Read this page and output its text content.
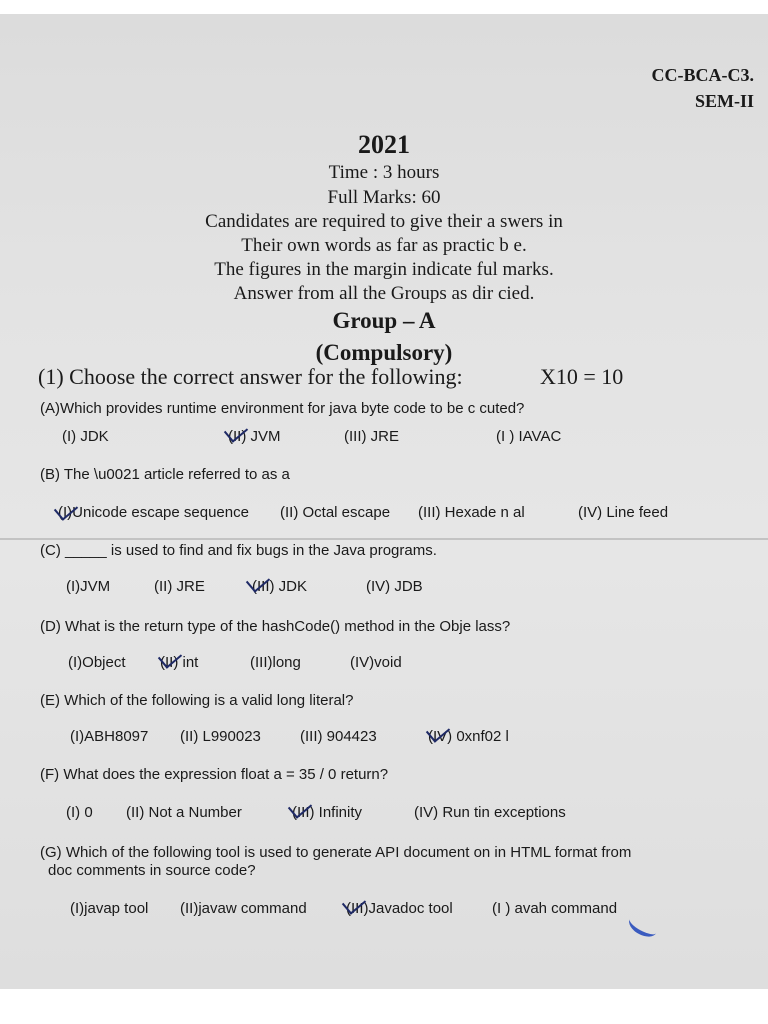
CC-BCA-C3.
SEM-II
2021
Time : 3 hours
Full Marks: 60
Candidates are required to give their a swers in
Their own words as far as practic b e.
The figures in the margin indicate ful marks.
Answer from all the Groups as dir cied.
Group – A
(Compulsory)
(1) Choose the correct answer for the following:	X10 = 10
(A)Which provides runtime environment for java byte code to be c cuted?
(I) JDK	(II) JVM	(III) JRE	(I ) IAVAC
(B) The \u0021 article referred to as a
(I)Unicode escape sequence (II) Octal escape (III) Hexade n al	(IV) Line feed
(C) _____ is used to find and fix bugs in the Java programs.
(I)JVM	(II) JRE	(III) JDK	(IV) JDB
(D) What is the return type of the hashCode() method in the Obje lass?
(I)Object (II) int	(III)long	(IV)void
(E) Which of the following is a valid long literal?
(I)ABH8097 (II) L990023	(III) 904423	(IV) 0xnf02 l
(F) What does the expression float a = 35 / 0 return?
(I) 0 (II) Not a Number	(III) Infinity	(IV) Run tin exceptions
(G) Which of the following tool is used to generate API document on in HTML format from
doc comments in source code?
(I)javap tool (II)javaw command	(III)Javadoc tool	(I ) avah command
